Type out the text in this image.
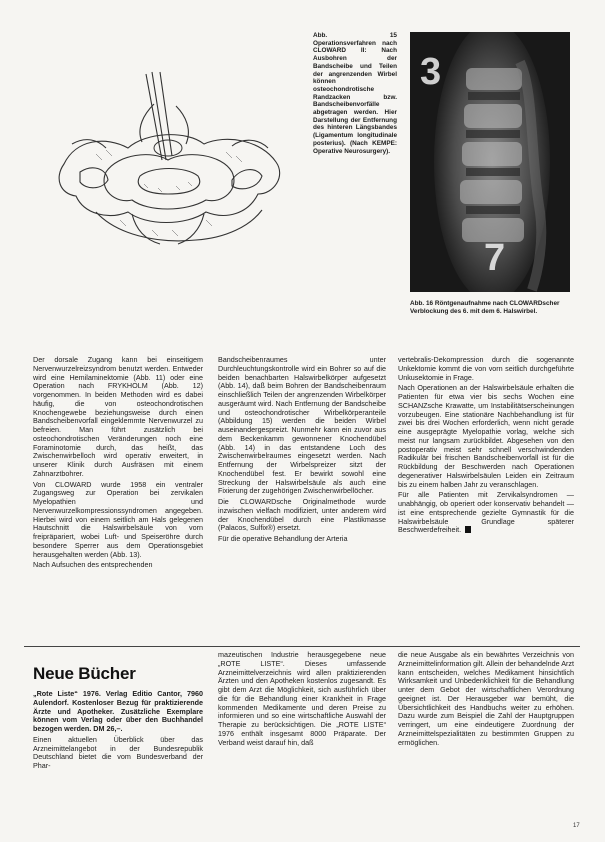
Abb. 15 Operationsverfahren nach CLOWARD II: Nach Ausbohren der Bandscheibe und Teilen der angrenzenden Wirbel können osteochondrotische Randzacken bzw. Bandscheibenvorfälle abgetragen werden. Hier Darstellung der Entfernung des hinteren Längsbandes (Ligamentum longitudinale posterius). (Nach KEMPE: Operative Neurosurgery).
3
7
Abb. 16 Röntgenaufnahme nach CLOWARDscher Verblockung des 6. mit dem 6. Halswirbel.

Der dorsale Zugang kann bei einseitigem Nervenwurzelreizsyndrom benutzt werden. Entweder wird eine Hemilaminektomie (Abb. 11) oder eine Operation nach FRYKHOLM (Abb. 12) vorgenommen. In beiden Methoden wird es dabei häufig, die von osteochondrotischen Knochengewebe beziehungsweise durch einen Bandscheibenvorfall eingeklemmte Nervenwurzel zu befreien. Man führt zusätzlich bei osteochondrotischen Veränderungen noch eine Foraminotomie durch, das heißt, das Zwischenwirbelloch wird operativ erweitert, in unserer Klinik durch Ausfräsen mit einem Zahnarztbohrer.

Von CLOWARD wurde 1958 ein ventraler Zugangsweg zur Operation bei zervikalen Myelopathien und Nervenwurzelkompressionssyndromen angegeben. Hierbei wird von einem seitlich am Hals gelegenen Hautschnitt die Halswirbelsäule von vorn freipräpariert, wobei Luft- und Speiseröhre durch besondere Sperrer aus dem Operationsgebiet herausgehalten werden (Abb. 13).

Nach Aufsuchen des entsprechenden

Bandscheibenraumes unter Durchleuchtungskontrolle wird ein Bohrer so auf die beiden benachbarten Halswirbelkörper aufgesetzt (Abb. 14), daß beim Bohren der Bandscheibenraum einschließlich Teilen der angrenzenden Wirbelkörper ausgeräumt wird. Nach Entfernung der Bandscheibe und osteochondrotischer Wirbelkörperanteile (Abbildung 15) werden die beiden Wirbel auseinandergespreizt. Nunmehr kann ein zuvor aus dem Beckenkamm gewonnener Knochendübel (Abb. 14) in das entstandene Loch des Zwischenwirbelraumes eingesetzt werden. Nach Entfernung der Wirbelspreizer sitzt der Knochendübel fest. Er bewirkt sowohl eine Streckung der Halswirbelsäule als auch eine Fixierung der zugehörigen Zwischenwirbellöcher.

Die CLOWARDsche Originalmethode wurde inzwischen vielfach modifiziert, unter anderem wird der Knochendübel durch eine Plastikmasse (Palacos, Sulfix®) ersetzt.

Für die operative Behandlung der Arteria

vertebralis-Dekompression durch die sogenannte Unkektomie kommt die von vorn seitlich durchgeführte Unkusektomie in Frage.

Nach Operationen an der Halswirbelsäule erhalten die Patienten für etwa vier bis sechs Wochen eine SCHANZsche Krawatte, um Instabilitätserscheinungen vorzubeugen. Eine stationäre Nachbehandlung ist für zwei bis drei Wochen erforderlich, wenn nicht gerade eine ausgeprägte Myelopathie vorlag, welche sich meist nur langsam zurückbildet. Abgesehen von den postoperativ meist sehr schnell verschwindenden Radikulär bei frischen Bandscheibenvorfall ist für die Rückbildung der Beschwerden nach Operationen degenerativer Halswirbelsäulen Leiden ein Zeitraum bis zu einem halben Jahr zu veranschlagen.

Für alle Patienten mit Zervikalsyndromen — unabhängig, ob operiert oder konservativ behandelt — ist eine entsprechende gezielte Gymnastik für die Halswirbelsäule Grundlage späterer Beschwerdefreiheit.

Neue Bücher

„Rote Liste“ 1976. Verlag Editio Cantor, 7960 Aulendorf. Kostenloser Bezug für praktizierende Ärzte und Apotheker. Zusätzliche Exemplare können vom Verlag oder über den Buchhandel bezogen werden. DM 26,–.

Einen aktuellen Überblick über das Arzneimittelangebot in der Bundesrepublik Deutschland bietet die vom Bundesverband der Phar-

mazeutischen Industrie herausgegebene neue „ROTE LISTE“. Dieses umfassende Arzneimittelverzeichnis wird allen praktizierenden Ärzten und den Apotheken kostenlos zugesandt. Es gibt dem Arzt die Möglichkeit, sich ausführlich über die für die Behandlung einer Krankheit in Frage kommenden Medikamente und deren Preise zu informieren und so eine wirtschaftliche Auswahl der Therapie zu berücksichtigen. Die „ROTE LISTE“ 1976 enthält insgesamt 8000 Präparate. Der Verband weist darauf hin, daß

die neue Ausgabe als ein bewährtes Verzeichnis von Arzneimittelinformation gilt. Allein der behandelnde Arzt kann entscheiden, welches Medikament hinsichtlich Wirksamkeit und Unbedenklichkeit für die Behandlung unter dem Gebot der wirtschaftlichen Verordnung geeignet ist. Der Herausgeber war bemüht, die Übersichtlichkeit des Handbuchs weiter zu erhöhen. Dazu wurde zum Beispiel die Zahl der Hauptgruppen verringert, um eine eindeutigere Zuordnung der Arzneimittelspezialitäten zu bestimmten Gruppen zu ermöglichen.

17
